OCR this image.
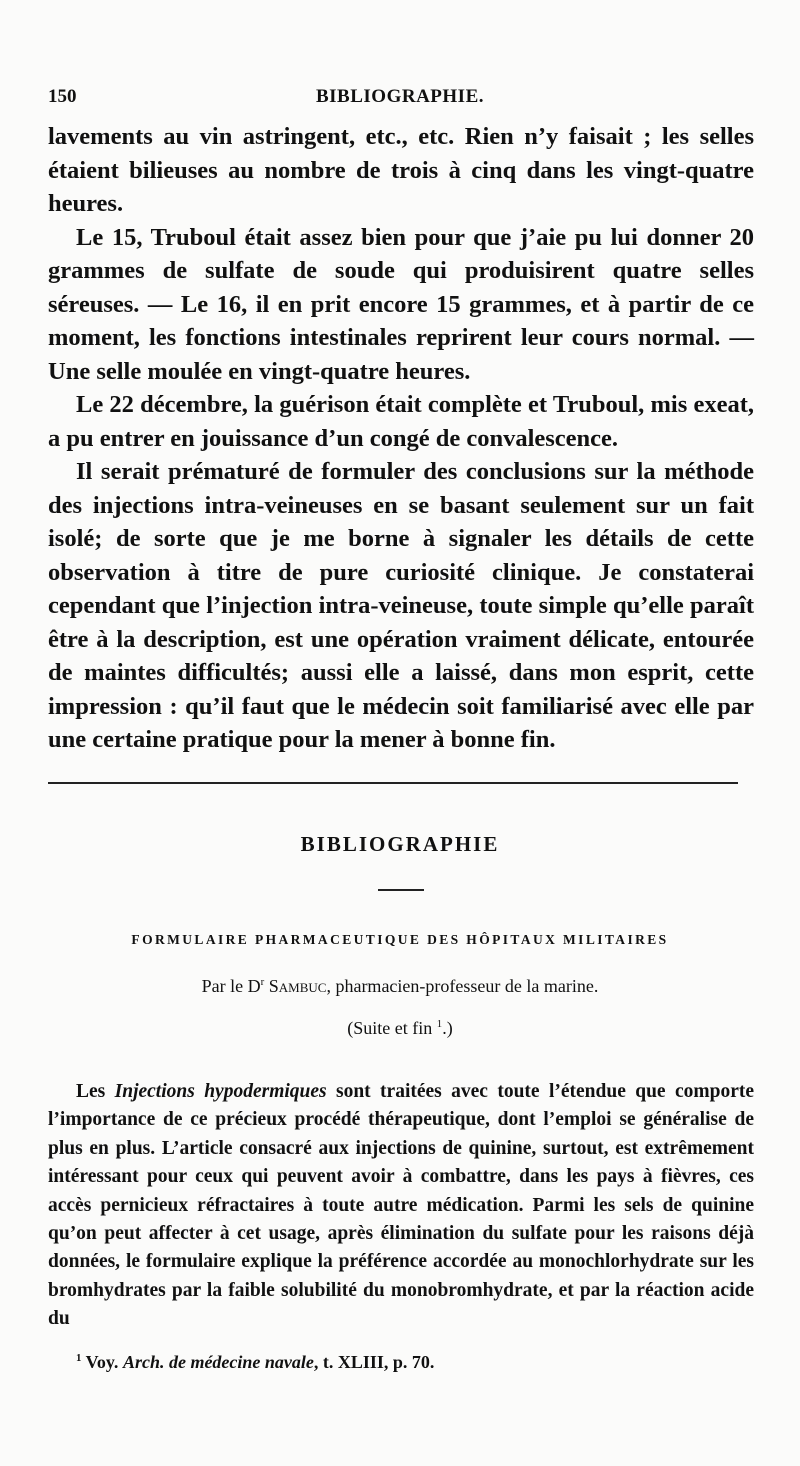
150	BIBLIOGRAPHIE.

lavements au vin astringent, etc., etc. Rien n’y faisait ; les selles étaient bilieuses au nombre de trois à cinq dans les vingt-quatre heures.

Le 15, Truboul était assez bien pour que j’aie pu lui donner 20 grammes de sulfate de soude qui produisirent quatre selles séreuses. — Le 16, il en prit encore 15 grammes, et à partir de ce moment, les fonctions intestinales reprirent leur cours normal. — Une selle moulée en vingt-quatre heures.

Le 22 décembre, la guérison était complète et Truboul, mis exeat, a pu entrer en jouissance d’un congé de convalescence.

Il serait prématuré de formuler des conclusions sur la méthode des injections intra-veineuses en se basant seulement sur un fait isolé; de sorte que je me borne à signaler les détails de cette observation à titre de pure curiosité clinique. Je constaterai cependant que l’injection intra-veineuse, toute simple qu’elle paraît être à la description, est une opération vraiment délicate, entourée de maintes difficultés; aussi elle a laissé, dans mon esprit, cette impression : qu’il faut que le médecin soit familiarisé avec elle par une certaine pratique pour la mener à bonne fin.

BIBLIOGRAPHIE
FORMULAIRE PHARMACEUTIQUE DES HÔPITAUX MILITAIRES
Par le $D^r$ Sambuc, pharmacien-professeur de la marine.
(Suite et fin $^1$.)

Les Injections hypodermiques sont traitées avec toute l’étendue que comporte l’importance de ce précieux procédé thérapeutique, dont l’emploi se généralise de plus en plus. L’article consacré aux injections de quinine, surtout, est extrêmement intéressant pour ceux qui peuvent avoir à combattre, dans les pays à fièvres, ces accès pernicieux réfractaires à toute autre médication. Parmi les sels de quinine qu’on peut affecter à cet usage, après élimination du sulfate pour les raisons déjà données, le formulaire explique la préférence accordée au monochlorhydrate sur les bromhydrates par la faible solubilité du monobromhydrate, et par la réaction acide du

$^1$ Voy. Arch. de médecine navale, t. XLIII, p. 70.
